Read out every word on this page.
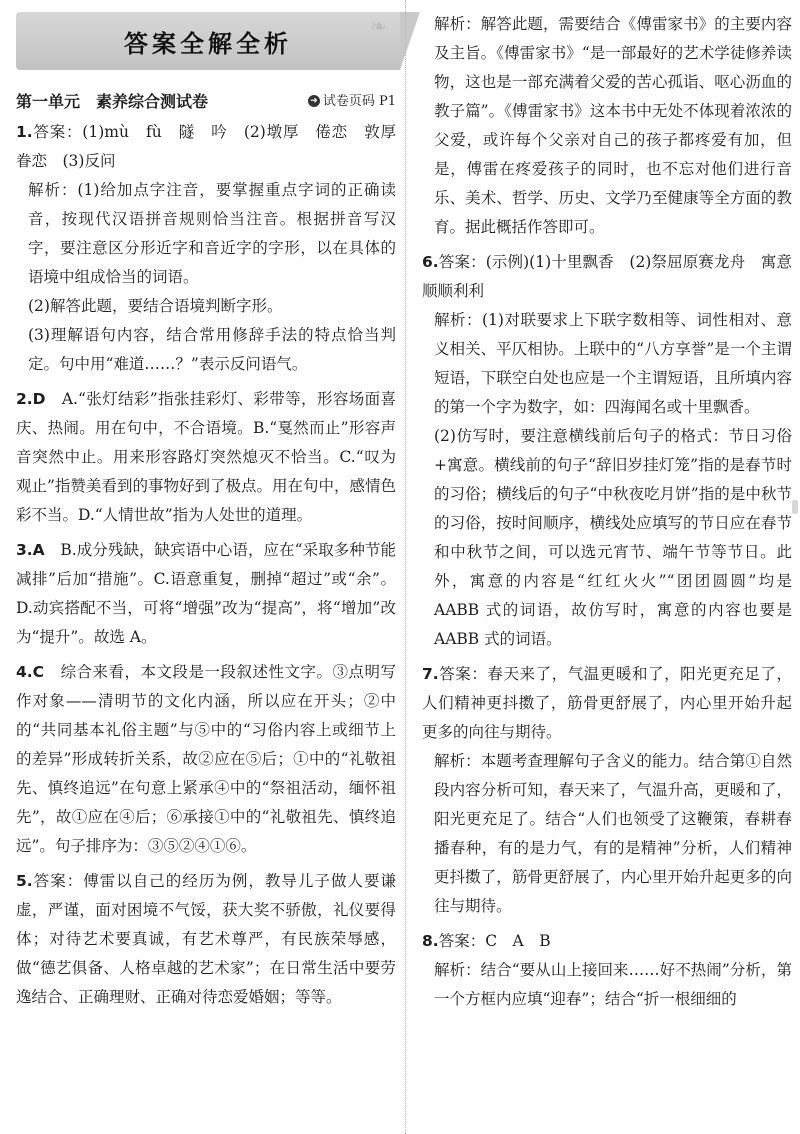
答案全解全析
❧
第一单元　素养综合测试卷	➜ 试卷页码 P1

1.答案：(1)mù　fù　隧　吟　(2)墩厚　倦恋　敦厚　眷恋　(3)反问

解析：(1)给加点字注音，要掌握重点字词的正确读音，按现代汉语拼音规则恰当注音。根据拼音写汉字，要注意区分形近字和音近字的字形，以在具体的语境中组成恰当的词语。

(2)解答此题，要结合语境判断字形。

(3)理解语句内容，结合常用修辞手法的特点恰当判定。句中用“难道……？”表示反问语气。

2.D　 A.“张灯结彩”指张挂彩灯、彩带等，形容场面喜庆、热闹。用在句中，不合语境。B.“戛然而止”形容声音突然中止。用来形容路灯突然熄灭不恰当。C.“叹为观止”指赞美看到的事物好到了极点。用在句中，感情色彩不当。D.“人情世故”指为人处世的道理。

3.A　 B.成分残缺，缺宾语中心语，应在“采取多种节能减排”后加“措施”。C.语意重复，删掉“超过”或“余”。D.动宾搭配不当，可将“增强”改为“提高”，将“增加”改为“提升”。故选 A。

4.C　 综合来看，本文段是一段叙述性文字。③点明写作对象——清明节的文化内涵，所以应在开头；②中的“共同基本礼俗主题”与⑤中的“习俗内容上或细节上的差异”形成转折关系，故②应在⑤后；①中的“礼敬祖先、慎终追远”在句意上紧承④中的“祭祖活动，缅怀祖先”，故①应在④后；⑥承接①中的“礼敬祖先、慎终追远”。句子排序为：③⑤②④①⑥。

5.答案：傅雷以自己的经历为例，教导儿子做人要谦虚，严谨，面对困境不气馁，获大奖不骄傲，礼仪要得体；对待艺术要真诚，有艺术尊严，有民族荣辱感，做“德艺俱备、人格卓越的艺术家”；在日常生活中要劳逸结合、正确理财、正确对待恋爱婚姻；等等。

解析：解答此题，需要结合《傅雷家书》的主要内容及主旨。《傅雷家书》“是一部最好的艺术学徒修养读物，这也是一部充满着父爱的苦心孤诣、呕心沥血的教子篇”。《傅雷家书》这本书中无处不体现着浓浓的父爱，或许每个父亲对自己的孩子都疼爱有加，但是，傅雷在疼爱孩子的同时，也不忘对他们进行音乐、美术、哲学、历史、文学乃至健康等全方面的教育。据此概括作答即可。

6.答案：(示例)(1)十里飘香　(2)祭屈原赛龙舟　寓意顺顺利利

解析：(1)对联要求上下联字数相等、词性相对、意义相关、平仄相协。上联中的“八方享誉”是一个主谓短语，下联空白处也应是一个主谓短语，且所填内容的第一个字为数字，如：四海闻名或十里飘香。

(2)仿写时，要注意横线前后句子的格式：节日习俗+寓意。横线前的句子“辞旧岁挂灯笼”指的是春节时的习俗；横线后的句子“中秋夜吃月饼”指的是中秋节的习俗，按时间顺序，横线处应填写的节日应在春节和中秋节之间，可以选元宵节、端午节等节日。此外，寓意的内容是“红红火火”“团团圆圆”均是 AABB 式的词语，故仿写时，寓意的内容也要是 AABB 式的词语。

7.答案：春天来了，气温更暖和了，阳光更充足了，人们精神更抖擞了，筋骨更舒展了，内心里开始升起更多的向往与期待。

解析：本题考查理解句子含义的能力。结合第①自然段内容分析可知，春天来了，气温升高，更暖和了，阳光更充足了。结合“人们也领受了这鞭策，春耕春播春种，有的是力气，有的是精神”分析，人们精神更抖擞了，筋骨更舒展了，内心里开始升起更多的向往与期待。

8.答案：C　A　B

解析：结合“要从山上接回来……好不热闹”分析，第一个方框内应填“迎春”；结合“折一根细细的
